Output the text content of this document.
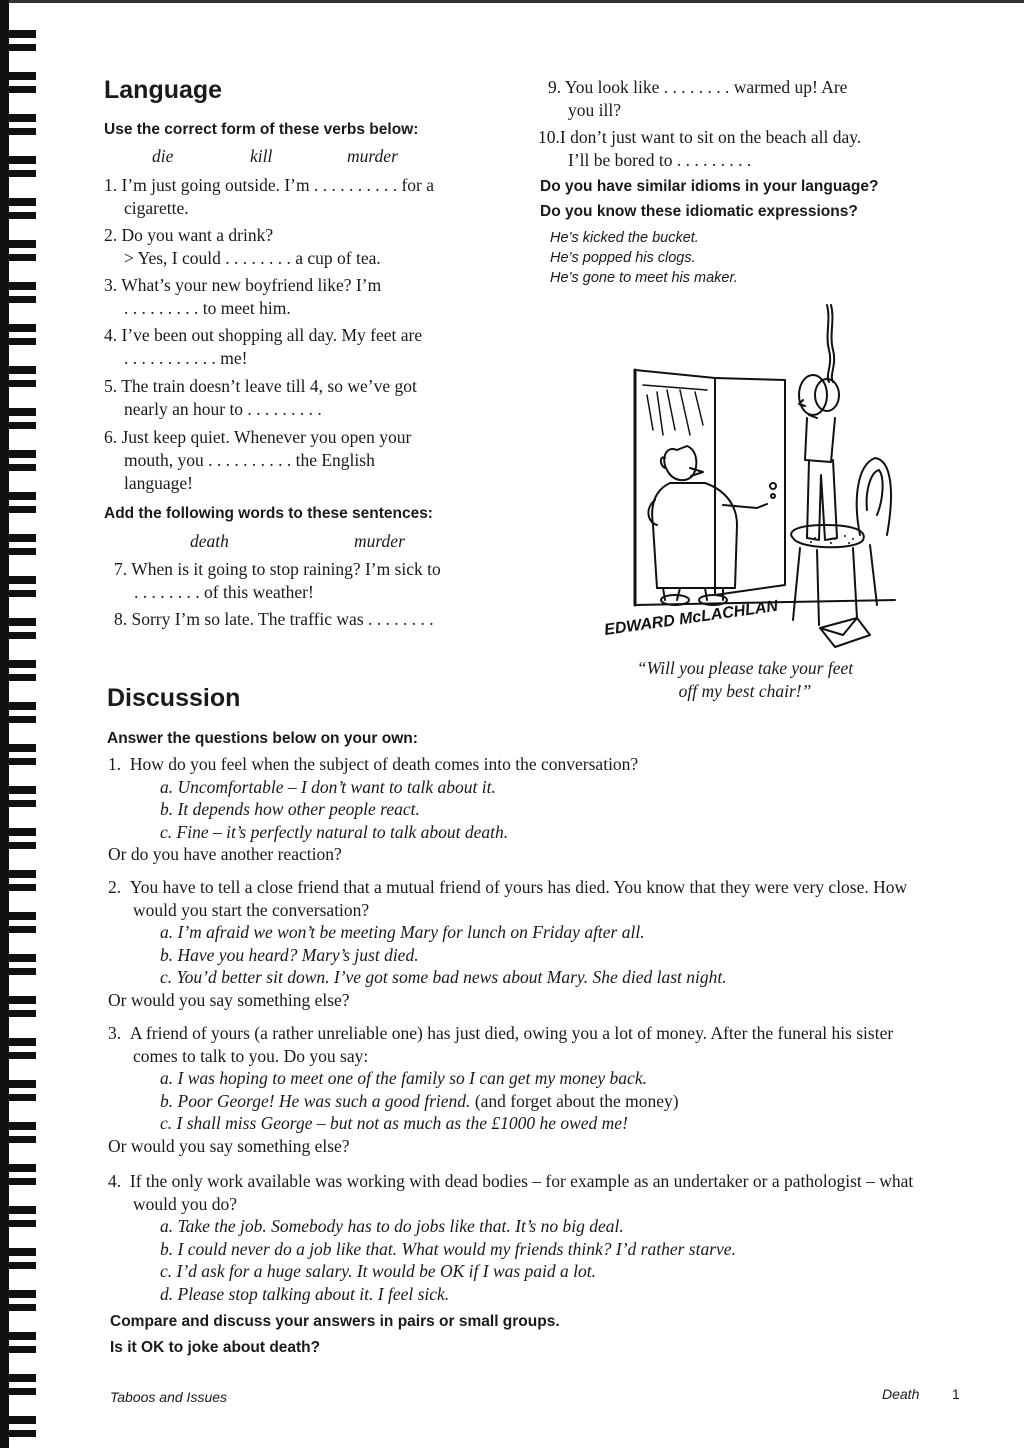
Language
Use the correct form of these verbs below:
die	kill	murder
1. I’m just going outside. I’m . . . . . . . . . . for a
cigarette.
2. Do you want a drink?
> Yes, I could . . . . . . . . a cup of tea.
3. What’s your new boyfriend like? I’m
. . . . . . . . . to meet him.
4. I’ve been out shopping all day. My feet are
. . . . . . . . . . . me!
5. The train doesn’t leave till 4, so we’ve got
nearly an hour to . . . . . . . . .
6. Just keep quiet. Whenever you open your
mouth, you . . . . . . . . . . the English
language!
Add the following words to these sentences:
death	murder
7. When is it going to stop raining? I’m sick to
. . . . . . . . of this weather!
8. Sorry I’m so late. The traffic was . . . . . . . .
9. You look like . . . . . . . . warmed up! Are
you ill?
10.I don’t just want to sit on the beach all day.
I’ll be bored to . . . . . . . . .
Do you have similar idioms in your language?
Do you know these idiomatic expressions?
He’s kicked the bucket.
He’s popped his clogs.
He’s gone to meet his maker.
EDWARD McLACHLAN
“Will you please take your feet
off my best chair!”
Discussion
Answer the questions below on your own:
1. How do you feel when the subject of death comes into the conversation?
a. Uncomfortable – I don’t want to talk about it.
b. It depends how other people react.
c. Fine – it’s perfectly natural to talk about death.
Or do you have another reaction?
2. You have to tell a close friend that a mutual friend of yours has died. You know that they were very close. How would you start the conversation?
a. I’m afraid we won’t be meeting Mary for lunch on Friday after all.
b. Have you heard? Mary’s just died.
c. You’d better sit down. I’ve got some bad news about Mary. She died last night.
Or would you say something else?
3. A friend of yours (a rather unreliable one) has just died, owing you a lot of money. After the funeral his sister comes to talk to you. Do you say:
a. I was hoping to meet one of the family so I can get my money back.
b. Poor George! He was such a good friend. (and forget about the money)
c. I shall miss George – but not as much as the £1000 he owed me!
Or would you say something else?
4. If the only work available was working with dead bodies – for example as an undertaker or a pathologist – what would you do?
a. Take the job. Somebody has to do jobs like that. It’s no big deal.
b. I could never do a job like that. What would my friends think? I’d rather starve.
c. I’d ask for a huge salary. It would be OK if I was paid a lot.
d. Please stop talking about it. I feel sick.
Compare and discuss your answers in pairs or small groups.
Is it OK to joke about death?
Taboos and Issues	Death 1
